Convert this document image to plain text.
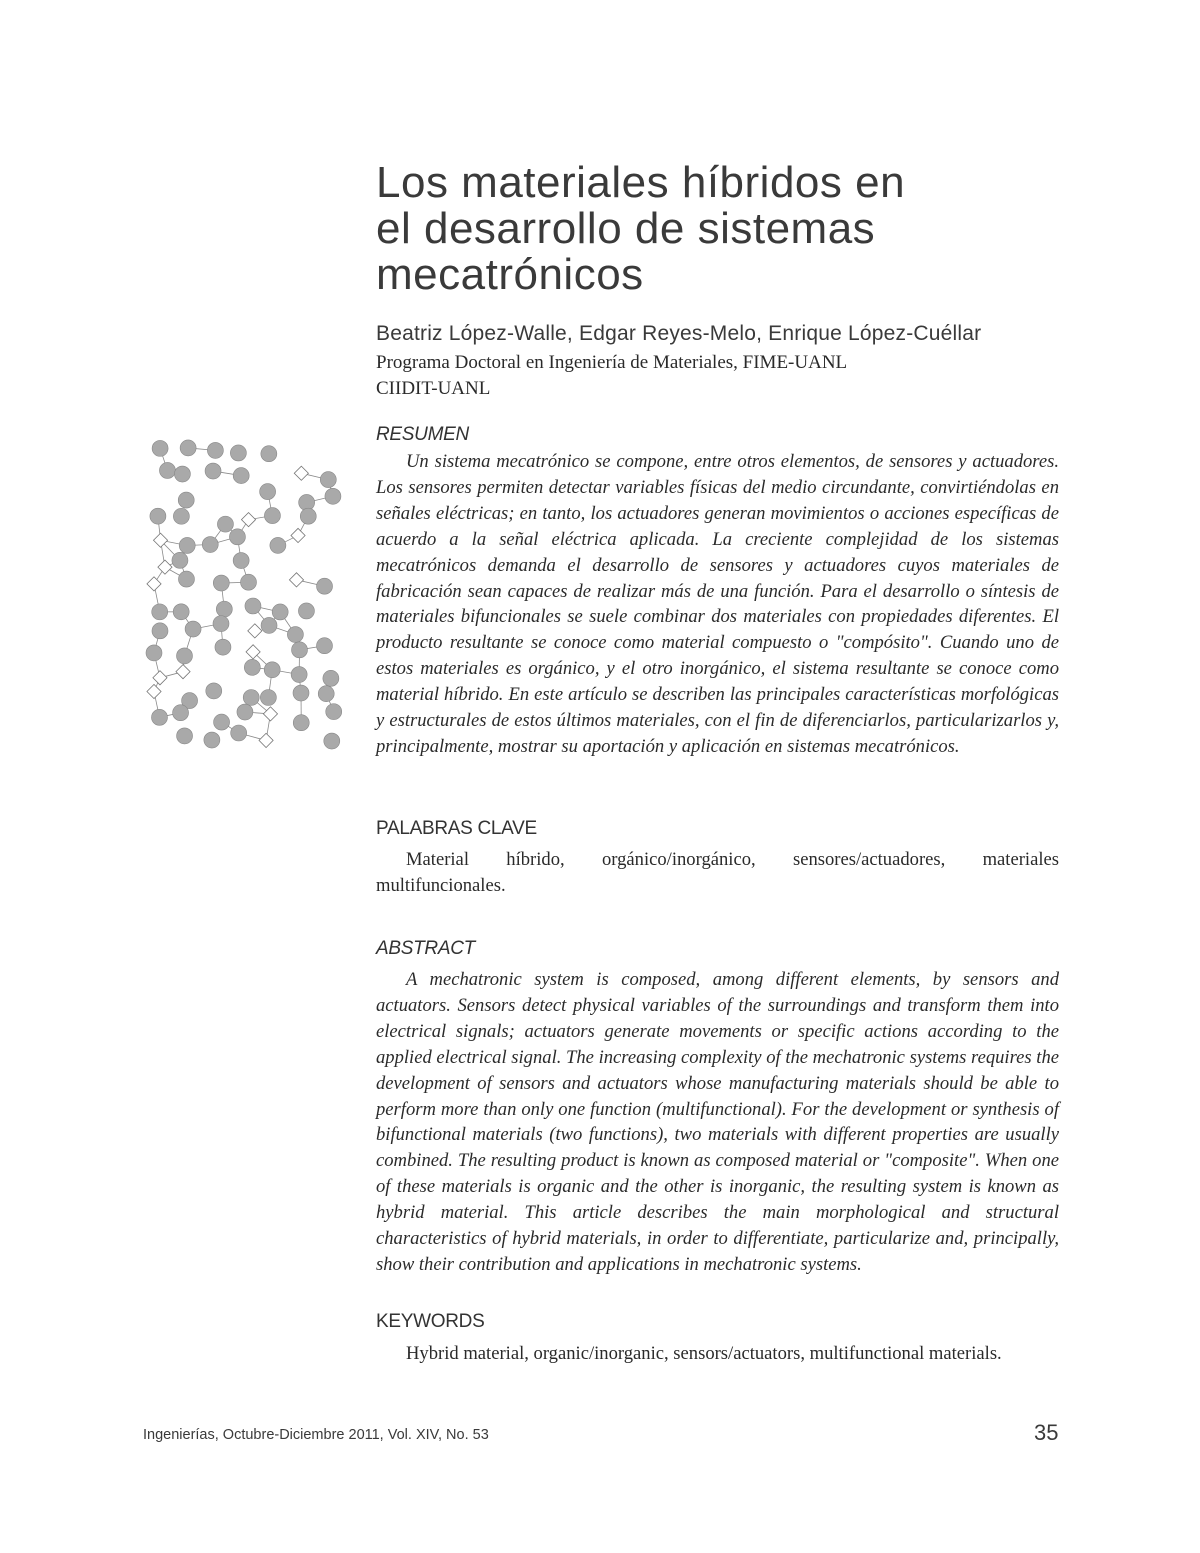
Los materiales híbridos en
el desarrollo de sistemas
mecatrónicos
Beatriz López-Walle, Edgar Reyes-Melo, Enrique López-Cuéllar
Programa Doctoral en Ingeniería de Materiales, FIME-UANL
CIIDIT-UANL
RESUMEN

Un sistema mecatrónico se compone, entre otros elementos, de sensores y actuadores. Los sensores permiten detectar variables físicas del medio circundante, convirtiéndolas en señales eléctricas; en tanto, los actuadores generan movimientos o acciones específicas de acuerdo a la señal eléctrica aplicada. La creciente complejidad de los sistemas mecatrónicos demanda el desarrollo de sensores y actuadores cuyos materiales de fabricación sean capaces de realizar más de una función. Para el desarrollo o síntesis de materiales bifuncionales se suele combinar dos materiales con propiedades diferentes. El producto resultante se conoce como material compuesto o "compósito". Cuando uno de estos materiales es orgánico, y el otro inorgánico, el sistema resultante se conoce como material híbrido. En este artículo se describen las principales características morfológicas y estructurales de estos últimos materiales, con el fin de diferenciarlos, particularizarlos y, principalmente, mostrar su aportación y aplicación en sistemas mecatrónicos.

PALABRAS CLAVE

Material híbrido, orgánico/inorgánico, sensores/actuadores, materiales multifuncionales.

ABSTRACT

A mechatronic system is composed, among different elements, by sensors and actuators. Sensors detect physical variables of the surroundings and transform them into electrical signals; actuators generate movements or specific actions according to the applied electrical signal. The increasing complexity of the mechatronic systems requires the development of sensors and actuators whose manufacturing materials should be able to perform more than only one function (multifunctional). For the development or synthesis of bifunctional materials (two functions), two materials with different properties are usually combined. The resulting product is known as composed material or "composite". When one of these materials is organic and the other is inorganic, the resulting system is known as hybrid material. This article describes the main morphological and structural characteristics of hybrid materials, in order to differentiate, particularize and, principally, show their contribution and applications in mechatronic systems.

KEYWORDS

Hybrid material, organic/inorganic, sensors/actuators, multifunctional materials.

Ingenierías, Octubre-Diciembre 2011, Vol. XIV, No. 53	35
